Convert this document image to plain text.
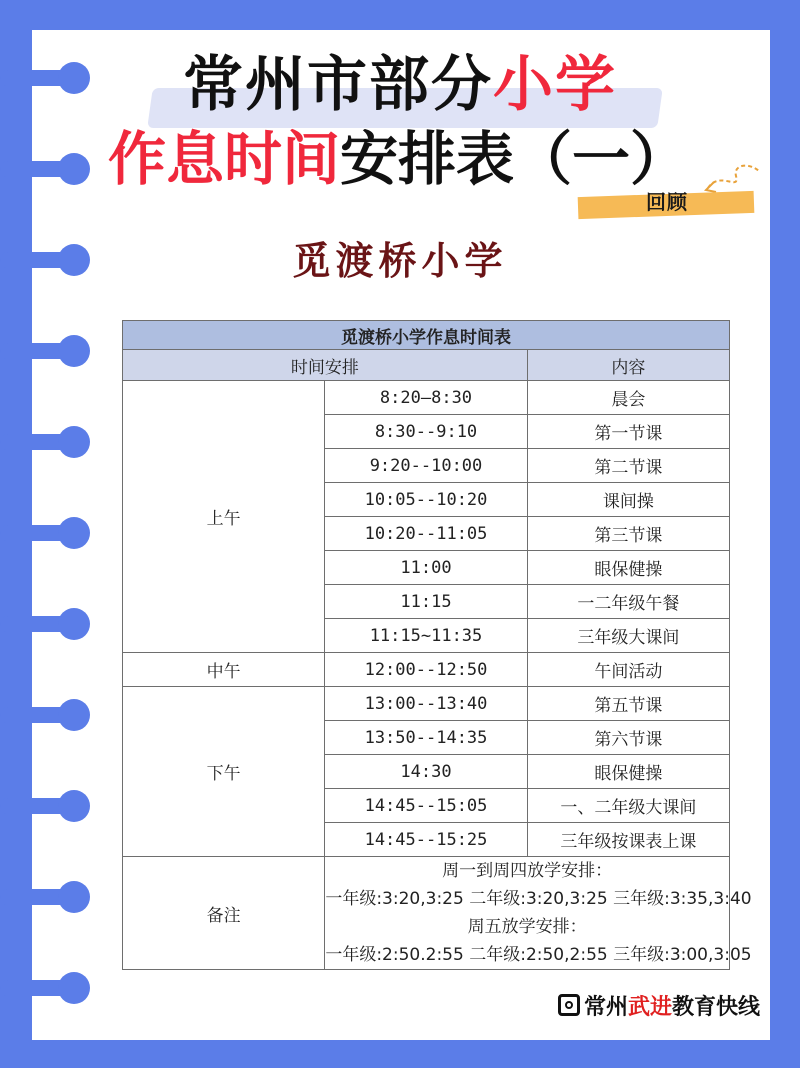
常州市部分小学
作息时间安排表（一）
回顾
觅渡桥小学
觅渡桥小学作息时间表		
时间安排		内容
上午	8:20—8:30	晨会
	8:30--9:10	第一节课
	9:20--10:00	第二节课
	10:05--10:20	课间操
	10:20--11:05	第三节课
	11:00	眼保健操
	11:15	一二年级午餐
	11:15~11:35	三年级大课间
中午	12:00--12:50	午间活动
下午	13:00--13:40	第五节课
	13:50--14:35	第六节课
	14:30	眼保健操
	14:45--15:05	一、二年级大课间
	14:45--15:25	三年级按课表上课
备注	周一到周四放学安排：
一年级:3:20,3:25 二年级:3:20,3:25 三年级:3:35,3:40
周五放学安排：
一年级:2:50.2:55 二年级:2:50,2:55 三年级:3:00,3:05	
常州武进教育快线
